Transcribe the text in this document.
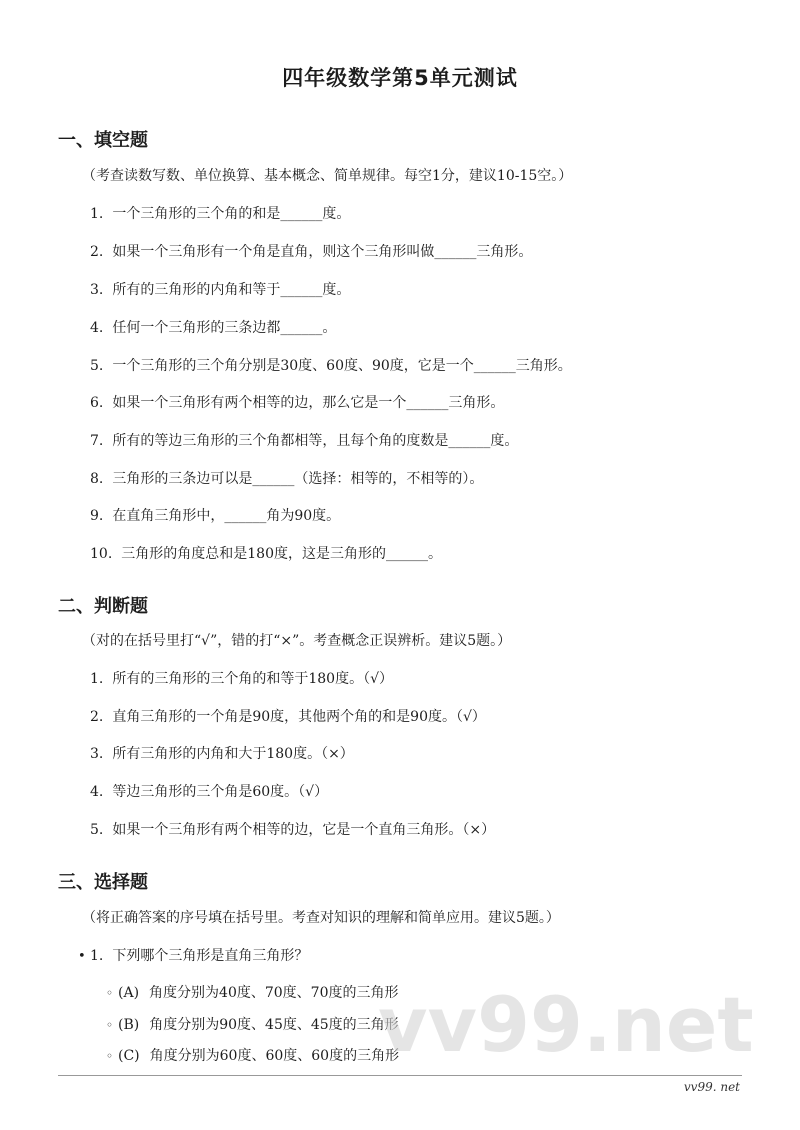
四年级数学第5单元测试
一、填空题
（考查读数写数、单位换算、基本概念、简单规律。每空1分，建议10-15空。）
1. 一个三角形的三个角的和是______度。
2. 如果一个三角形有一个角是直角，则这个三角形叫做______三角形。
3. 所有的三角形的内角和等于______度。
4. 任何一个三角形的三条边都______。
5. 一个三角形的三个角分别是30度、60度、90度，它是一个______三角形。
6. 如果一个三角形有两个相等的边，那么它是一个______三角形。
7. 所有的等边三角形的三个角都相等，且每个角的度数是______度。
8. 三角形的三条边可以是______（选择：相等的，不相等的）。
9. 在直角三角形中，______角为90度。
10. 三角形的角度总和是180度，这是三角形的______。
二、判断题
（对的在括号里打“√”，错的打“×”。考查概念正误辨析。建议5题。）
1. 所有的三角形的三个角的和等于180度。（√）
2. 直角三角形的一个角是90度，其他两个角的和是90度。（√）
3. 所有三角形的内角和大于180度。（×）
4. 等边三角形的三个角是60度。（√）
5. 如果一个三角形有两个相等的边，它是一个直角三角形。（×）
三、选择题
（将正确答案的序号填在括号里。考查对知识的理解和简单应用。建议5题。）
• 1. 下列哪个三角形是直角三角形？
◦ (A) 角度分别为40度、70度、70度的三角形
◦ (B) 角度分别为90度、45度、45度的三角形
◦ (C) 角度分别为60度、60度、60度的三角形
vv99.net
vv99. net
